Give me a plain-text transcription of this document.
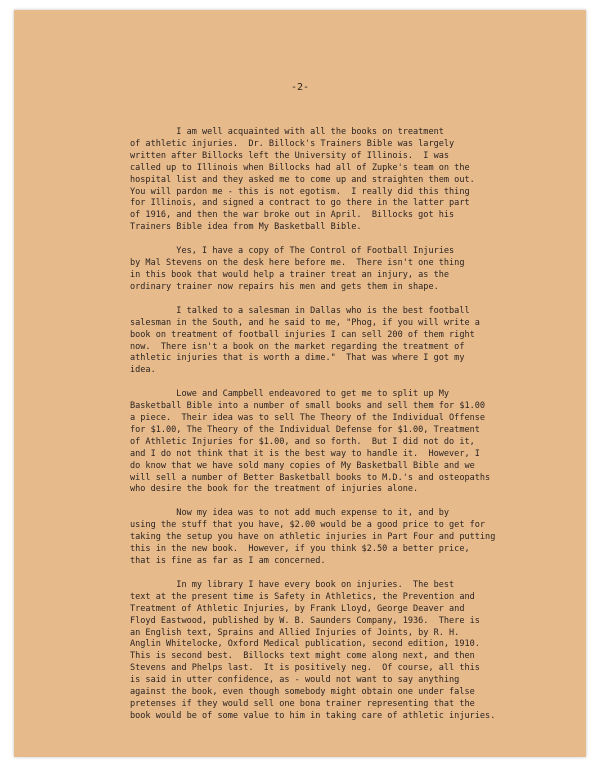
-2-
I am well acquainted with all the books on treatment
of athletic injuries.  Dr. Billock's Trainers Bible was largely
written after Billocks left the University of Illinois.  I was
called up to Illinois when Billocks had all of Zupke's team on the
hospital list and they asked me to come up and straighten them out.
You will pardon me - this is not egotism.  I really did this thing
for Illinois, and signed a contract to go there in the latter part
of 1916, and then the war broke out in April.  Billocks got his
Trainers Bible idea from My Basketball Bible.
Yes, I have a copy of The Control of Football Injuries
by Mal Stevens on the desk here before me.  There isn't one thing
in this book that would help a trainer treat an injury, as the
ordinary trainer now repairs his men and gets them in shape.
I talked to a salesman in Dallas who is the best football
salesman in the South, and he said to me, "Phog, if you will write a
book on treatment of football injuries I can sell 200 of them right
now.  There isn't a book on the market regarding the treatment of
athletic injuries that is worth a dime."  That was where I got my
idea.
Lowe and Campbell endeavored to get me to split up My
Basketball Bible into a number of small books and sell them for $1.00
a piece.  Their idea was to sell The Theory of the Individual Offense
for $1.00, The Theory of the Individual Defense for $1.00, Treatment
of Athletic Injuries for $1.00, and so forth.  But I did not do it,
and I do not think that it is the best way to handle it.  However, I
do know that we have sold many copies of My Basketball Bible and we
will sell a number of Better Basketball books to M.D.'s and osteopaths
who desire the book for the treatment of injuries alone.
Now my idea was to not add much expense to it, and by
using the stuff that you have, $2.00 would be a good price to get for
taking the setup you have on athletic injuries in Part Four and putting
this in the new book.  However, if you think $2.50 a better price,
that is fine as far as I am concerned.
In my library I have every book on injuries.  The best
text at the present time is Safety in Athletics, the Prevention and
Treatment of Athletic Injuries, by Frank Lloyd, George Deaver and
Floyd Eastwood, published by W. B. Saunders Company, 1936.  There is
an English text, Sprains and Allied Injuries of Joints, by R. H.
Anglin Whitelocke, Oxford Medical publication, second edition, 1910.
This is second best.  Billocks text might come along next, and then
Stevens and Phelps last.  It is positively neg.  Of course, all this
is said in utter confidence, as - would not want to say anything
against the book, even though somebody might obtain one under false
pretenses if they would sell one bona trainer representing that the
book would be of some value to him in taking care of athletic injuries.
